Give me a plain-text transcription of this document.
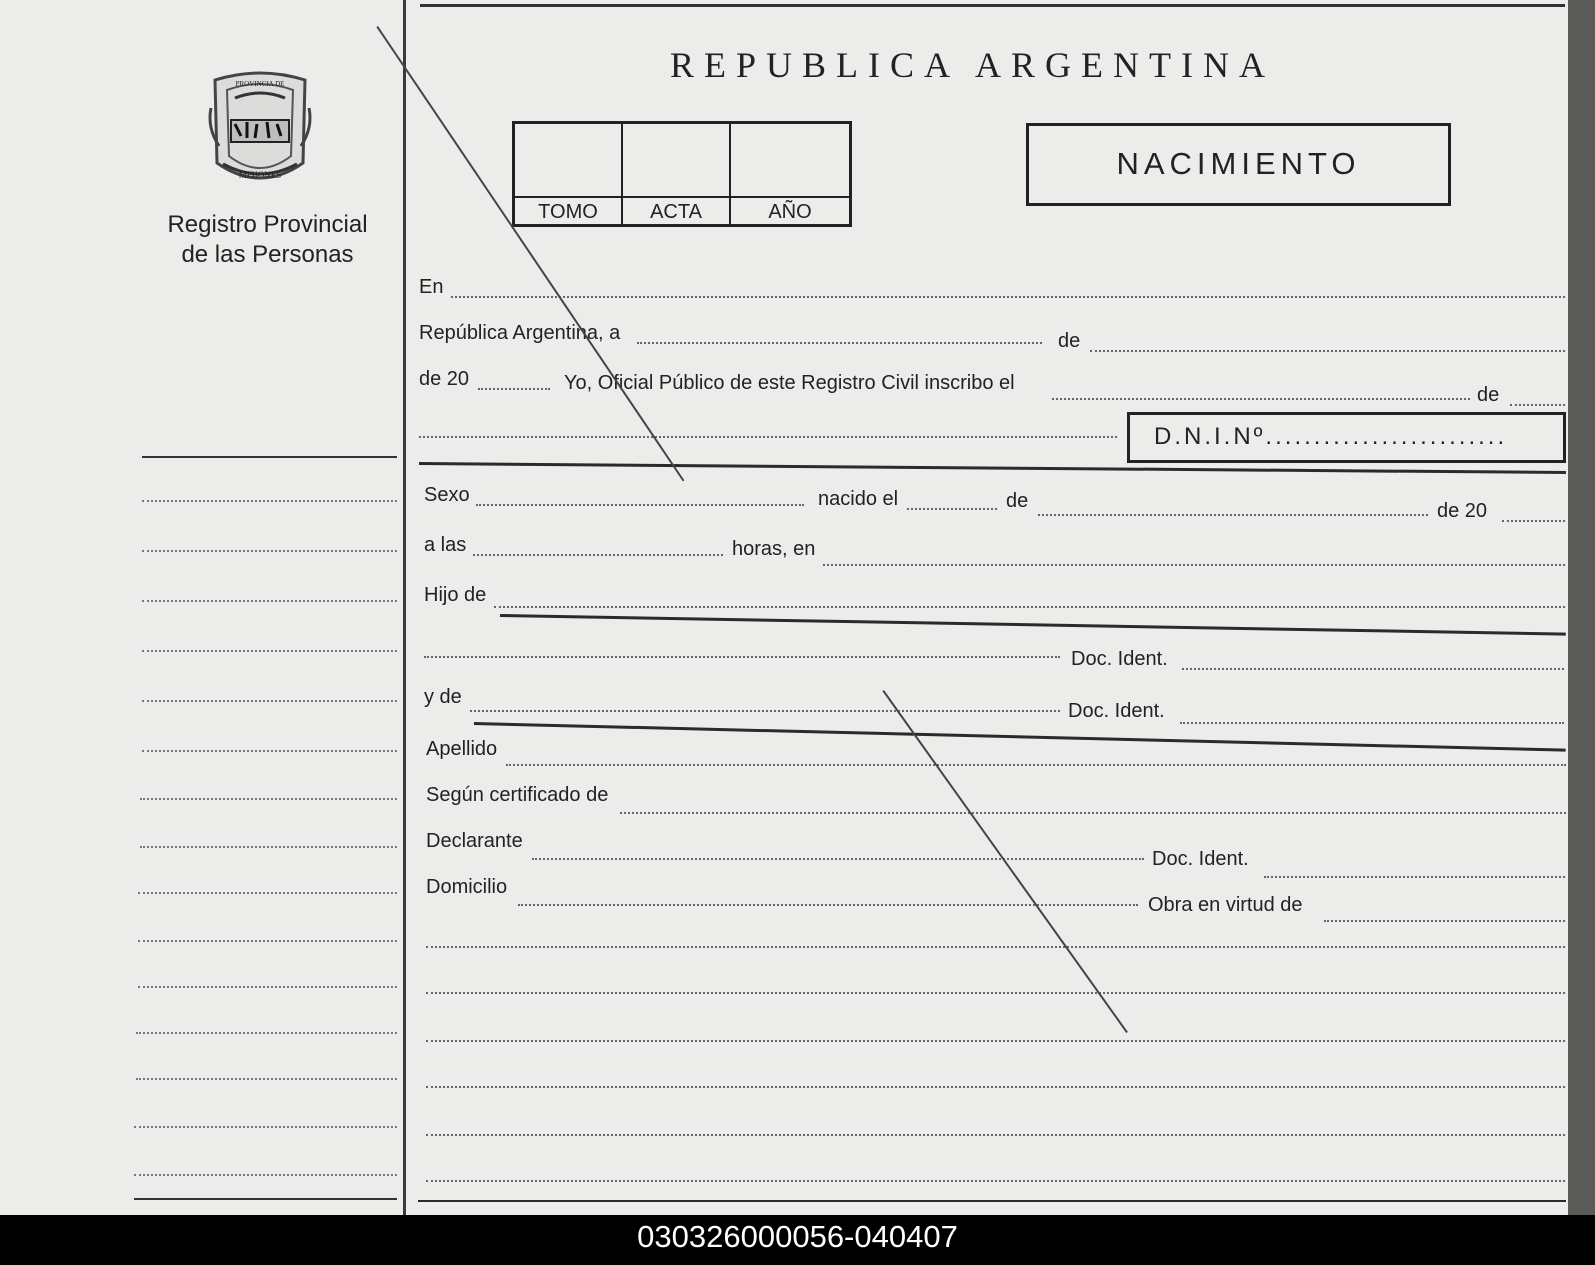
MISIONES
PROVINCIA DE
Registro Provincial
de las Personas
REPUBLICA ARGENTINA
TOMO	ACTA	AÑO
NACIMIENTO
En
República Argentina, a	de
de 20	Yo, Oficial Público de este Registro Civil inscribo el
de
D.N.I.Nº.........................
Sexo	nacido el	de	de 20
a las	horas, en
Hijo de
Doc. Ident.
y de
Doc. Ident.
Apellido
Según certificado de
Declarante
Doc. Ident.
Domicilio
Obra en virtud de
030326000056-040407
